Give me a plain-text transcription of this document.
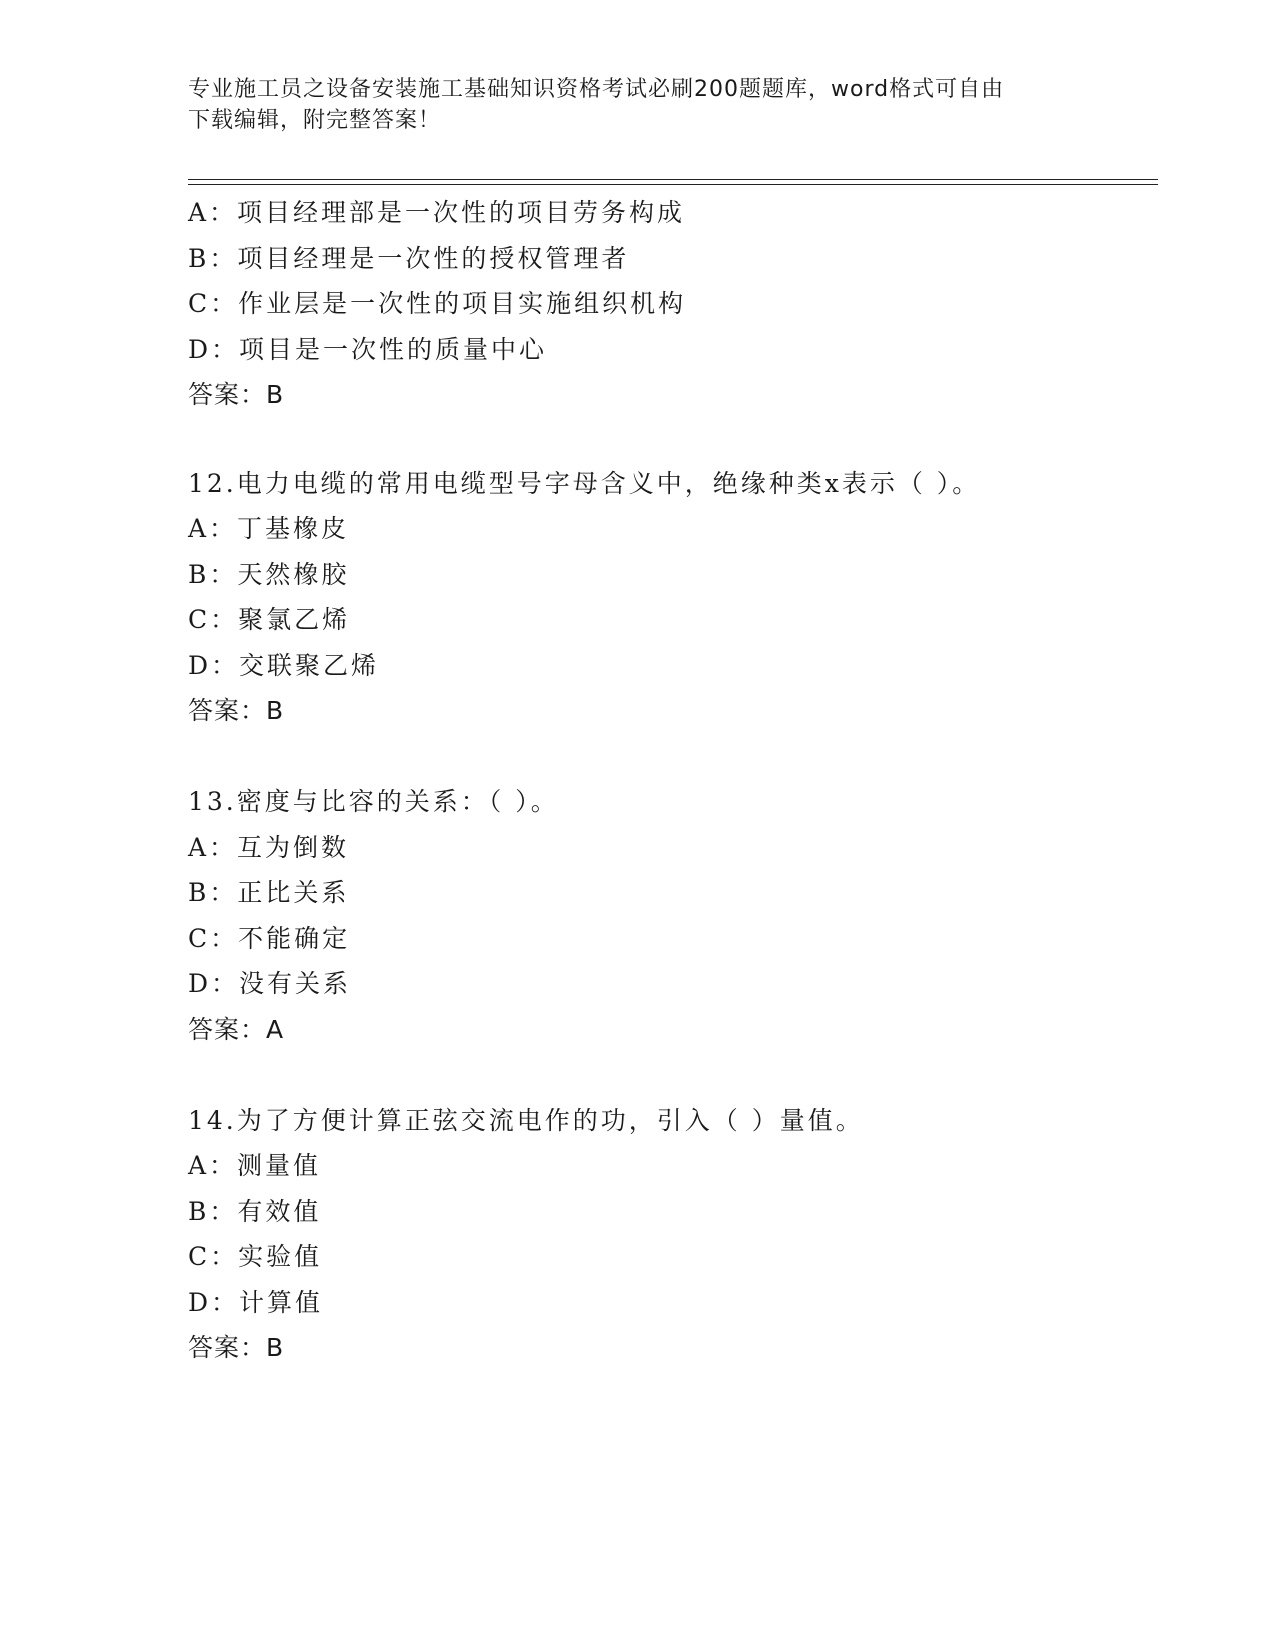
专业施工员之设备安装施工基础知识资格考试必刷200题题库，word格式可自由
下载编辑，附完整答案！
A：项目经理部是一次性的项目劳务构成
B：项目经理是一次性的授权管理者
C：作业层是一次性的项目实施组织机构
D：项目是一次性的质量中心
答案：B
12.电力电缆的常用电缆型号字母含义中，绝缘种类x表示（ ）。
A：丁基橡皮
B：天然橡胶
C：聚氯乙烯
D：交联聚乙烯
答案：B
13.密度与比容的关系：（ ）。
A：互为倒数
B：正比关系
C：不能确定
D：没有关系
答案：A
14.为了方便计算正弦交流电作的功，引入（ ）量值。
A：测量值
B：有效值
C：实验值
D：计算值
答案：B
